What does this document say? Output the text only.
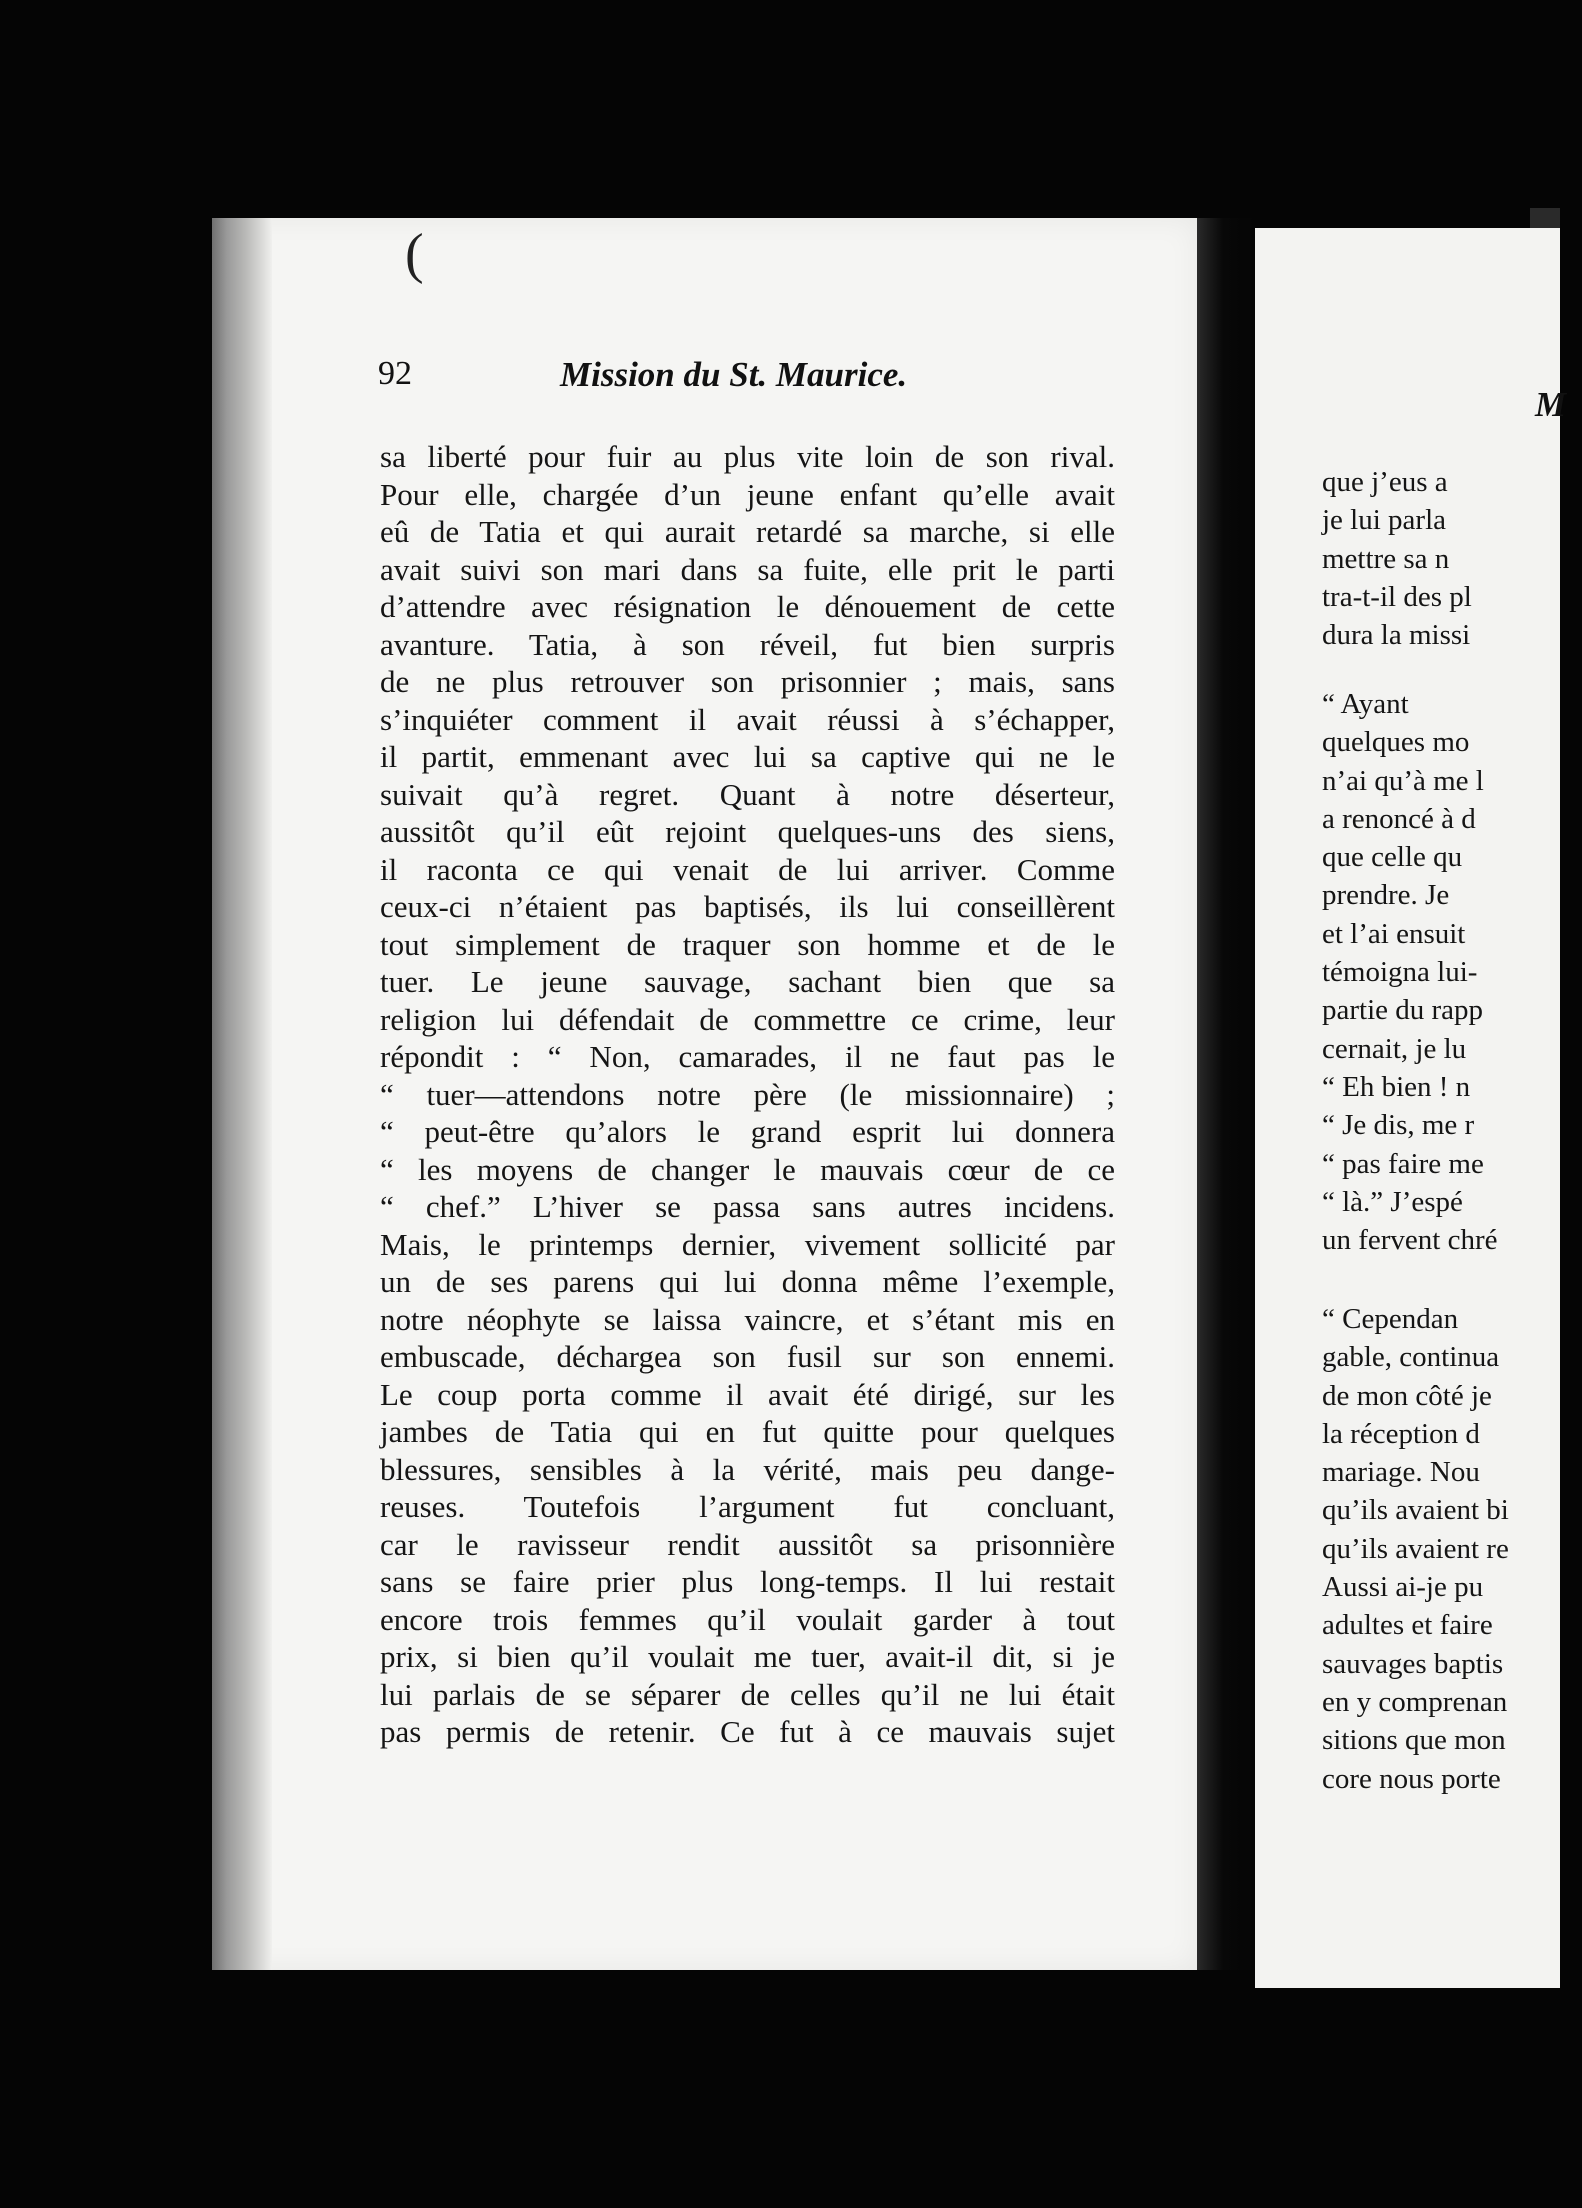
(
92	Mission du St. Maurice.
sa liberté pour fuir au plus vite loin de son rival.
Pour elle, chargée d’un jeune enfant qu’elle avait
eû de Tatia et qui aurait retardé sa marche, si elle
avait suivi son mari dans sa fuite, elle prit le parti
d’attendre avec résignation le dénouement de cette
avanture. Tatia, à son réveil, fut bien surpris
de ne plus retrouver son prisonnier ; mais, sans
s’inquiéter comment il avait réussi à s’échapper,
il partit, emmenant avec lui sa captive qui ne le
suivait qu’à regret. Quant à notre déserteur,
aussitôt qu’il eût rejoint quelques-uns des siens,
il raconta ce qui venait de lui arriver. Comme
ceux-ci n’étaient pas baptisés, ils lui conseillèrent
tout simplement de traquer son homme et de le
tuer. Le jeune sauvage, sachant bien que sa
religion lui défendait de commettre ce crime, leur
répondit : “ Non, camarades, il ne faut pas le
“ tuer—attendons notre père (le missionnaire) ;
“ peut-être qu’alors le grand esprit lui donnera
“ les moyens de changer le mauvais cœur de ce
“ chef.” L’hiver se passa sans autres incidens.
Mais, le printemps dernier, vivement sollicité par
un de ses parens qui lui donna même l’exemple,
notre néophyte se laissa vaincre, et s’étant mis en
embuscade, déchargea son fusil sur son ennemi.
Le coup porta comme il avait été dirigé, sur les
jambes de Tatia qui en fut quitte pour quelques
blessures, sensibles à la vérité, mais peu dange-
reuses. Toutefois l’argument fut concluant,
car le ravisseur rendit aussitôt sa prisonnière
sans se faire prier plus long-temps. Il lui restait
encore trois femmes qu’il voulait garder à tout
prix, si bien qu’il voulait me tuer, avait-il dit, si je
lui parlais de se séparer de celles qu’il ne lui était
pas permis de retenir. Ce fut à ce mauvais sujet
M
que j’eus a
je lui parla
mettre sa n
tra-t-il des pl
dura la missi
“ Ayant
quelques mo
n’ai qu’à me l
a renoncé à d
que celle qu
prendre. Je
et l’ai ensuit
témoigna lui-
partie du rapp
cernait, je lu
“ Eh bien ! n
“ Je dis, me r
“ pas faire me
“ là.” J’espé
un fervent chré
“ Cependan
gable, continua
de mon côté je
la réception d
mariage. Nou
qu’ils avaient bi
qu’ils avaient re
Aussi ai-je pu
adultes et faire
sauvages baptis
en y comprenan
sitions que mon
core nous porte
